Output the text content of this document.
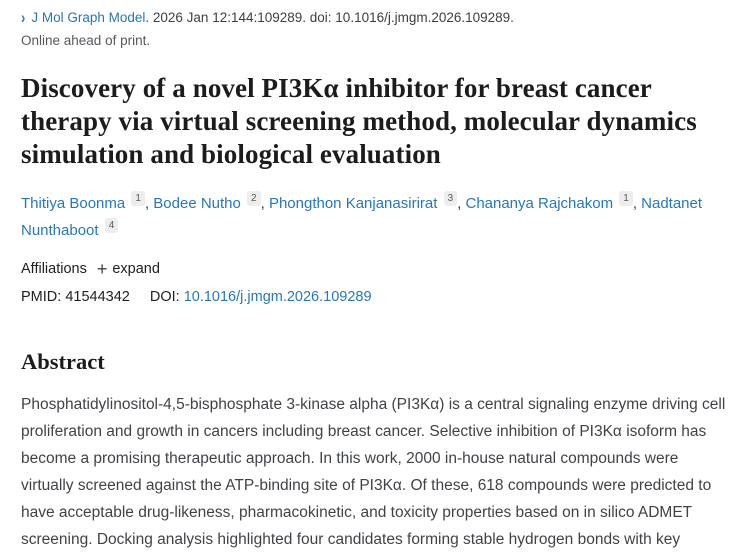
› J Mol Graph Model. 2026 Jan 12:144:109289. doi: 10.1016/j.jmgm.2026.109289.
Online ahead of print.
Discovery of a novel PI3Kα inhibitor for breast cancer therapy via virtual screening method, molecular dynamics simulation and biological evaluation
Thitiya Boonma $^1$ , Bodee Nutho $^2$ , Phongthon Kanjanasirirat $^3$ , Chananya Rajchakom $^1$ , Nadtanet Nunthaboot $^4$
Affiliations + expand
PMID: 41544342 DOI: 10.1016/j.jmgm.2026.109289
Abstract

Phosphatidylinositol-4,5-bisphosphate 3-kinase alpha (PI3Kα) is a central signaling enzyme driving cell proliferation and growth in cancers including breast cancer. Selective inhibition of PI3Kα isoform has become a promising therapeutic approach. In this work, 2000 in-house natural compounds were virtually screened against the ATP-binding site of PI3Kα. Of these, 618 compounds were predicted to have acceptable drug-likeness, pharmacokinetic, and toxicity properties based on in silico ADMET screening. Docking analysis highlighted four candidates forming stable hydrogen bonds with key
